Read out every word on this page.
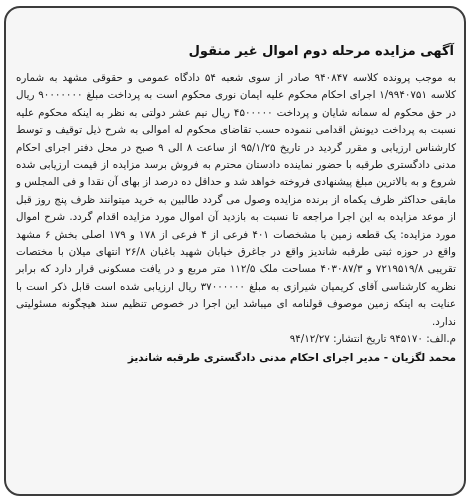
آگهی مزایده مرحله دوم اموال غیر منقول

به موجب پرونده کلاسه ۹۴۰۸۴۷ صادر از سوی شعبه ۵۴ دادگاه عمومی و حقوقی مشهد به شماره کلاسه ۱/۹۹۴۰۷۵۱ اجرای احکام محکوم علیه ایمان نوری محکوم است به پرداخت مبلغ ۹۰۰۰۰۰۰۰ ریال در حق محکوم له سمانه شایان و پرداخت ۴۵۰۰۰۰۰ ریال نیم عشر دولتی به نظر به اینکه محکوم علیه نسبت به پرداخت دیونش اقدامی ننموده حسب تقاضای محکوم له اموالی به شرح ذیل توقیف و توسط کارشناس ارزیابی و مقرر گردید در تاریخ ۹۵/۱/۲۵ از ساعت ۸ الی ۹ صبح در محل دفتر اجرای احکام مدنی دادگستری طرقبه با حضور نماینده دادستان محترم به فروش برسد مزایده از قیمت ارزیابی شده شروع و به بالاترین مبلغ پیشنهادی فروخته خواهد شد و حداقل ده درصد از بهای آن نقدا و فی المجلس و مابقی حداکثر ظرف یکماه از برنده مزایده وصول می گردد طالبین به خرید میتوانند ظرف پنج روز قبل از موعد مزایده به این اجرا مراجعه تا نسبت به بازدید آن اموال مورد مزایده اقدام گردد. شرح اموال مورد مزایده: یک قطعه زمین با مشخصات ۴۰۱ فرعی از ۴ فرعی از ۱۷۸ و ۱۷۹ اصلی بخش ۶ مشهد واقع در حوزه ثبتی طرقبه شاندیز واقع در جاغرق خیابان شهید باغبان ۲۶/۸ انتهای میلان با مختصات تقریبی ۷۲۱۹۵۱۹/۸ و ۴۰۳۰۸۷/۳ مساحت ملک ۱۱۲/۵ متر مربع و در یافت مسکونی قرار دارد که برابر نظریه کارشناسی آقای کریمیان شیرازی به مبلغ ۳۷۰۰۰۰۰۰ ریال ارزیابی شده است قابل ذکر است با عنایت به اینکه زمین موصوف قولنامه ای میباشد این اجرا در خصوص تنظیم سند هیچگونه مسئولیتی ندارد.

م.الف: ۹۴۵۱۷۰ تاریخ انتشار: ۹۴/۱۲/۲۷

محمد لگزیان - مدیر اجرای احکام مدنی دادگستری طرقبه شاندیز
